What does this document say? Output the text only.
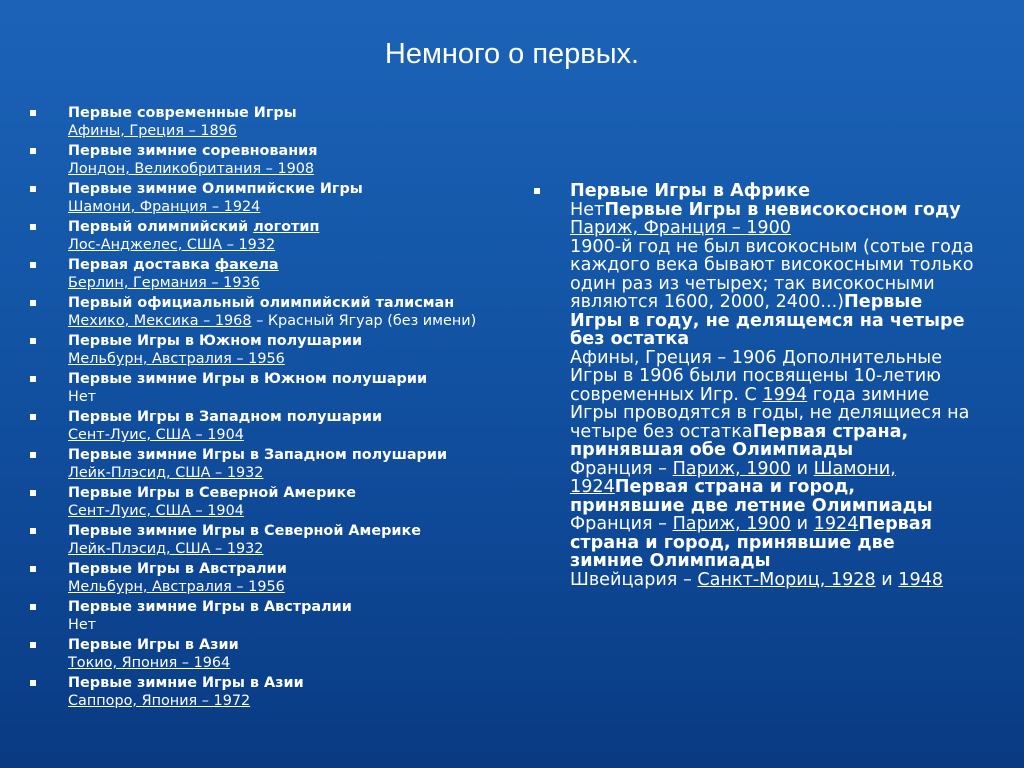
Немного о первых.
Первые современные Игры
Афины, Греция – 1896
Первые зимние соревнования
Лондон, Великобритания – 1908
Первые зимние Олимпийские Игры
Шамони, Франция – 1924
Первый олимпийский логотип
Лос-Анджелес, США – 1932
Первая доставка факела
Берлин, Германия – 1936
Первый официальный олимпийский талисман
Мехико, Мексика – 1968 – Красный Ягуар (без имени)
Первые Игры в Южном полушарии
Мельбурн, Австралия – 1956
Первые зимние Игры в Южном полушарии
Нет
Первые Игры в Западном полушарии
Сент-Луис, США – 1904
Первые зимние Игры в Западном полушарии
Лейк-Плэсид, США – 1932
Первые Игры в Северной Америке
Сент-Луис, США – 1904
Первые зимние Игры в Северной Америке
Лейк-Плэсид, США – 1932
Первые Игры в Австралии
Мельбурн, Австралия – 1956
Первые зимние Игры в Австралии
Нет
Первые Игры в Азии
Токио, Япония – 1964
Первые зимние Игры в Азии
Саппоро, Япония – 1972
Первые Игры в Африке
НетПервые Игры в невисокосном году
Париж, Франция – 1900
1900-й год не был високосным (сотые года каждого века бывают високосными только один раз из четырех; так високосными являются 1600, 2000, 2400...)Первые Игры в году, не делящемся на четыре без остатка
Афины, Греция – 1906 Дополнительные Игры в 1906 были посвящены 10-летию современных Игр. С 1994 года зимние Игры проводятся в годы, не делящиеся на четыре без остаткаПервая страна, принявшая обе Олимпиады
Франция – Париж, 1900 и Шамони, 1924Первая страна и город, принявшие две летние Олимпиады
Франция – Париж, 1900 и 1924Первая страна и город, принявшие две зимние Олимпиады
Швейцария – Санкт-Мориц, 1928 и 1948
